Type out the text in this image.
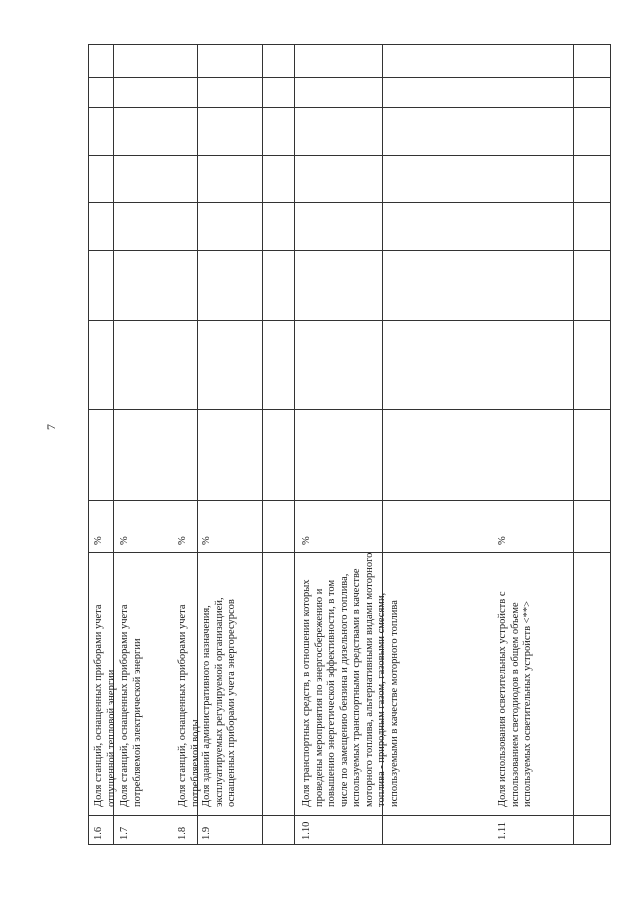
7
1.6
Доля станций, оснащенных приборами учета отпущенной тепловой энергии
%
1.7
Доля станций, оснащенных приборами учета потребляемой электрической энергии
%
1.8
Доля станций, оснащенных приборами учета потребляемой воды
%
1.9
Доля зданий административного назначения, эксплуатируемых регулируемой организацией, оснащенных приборами учета энергоресурсов
%
1.10
Доля транспортных средств, в отношении которых проведены мероприятия по энергосбережению и повышению энергетической эффективности, в том числе по замещению бензина и дизельного топлива, используемых транспортными средствами в качестве моторного топлива, альтернативными видами моторного топлива - природным газом, газовыми смесями, используемыми в качестве моторного топлива
%
1.11
Доля использования осветительных устройств с использованием светодиодов в общем объеме используемых осветительных устройств <**>
%
